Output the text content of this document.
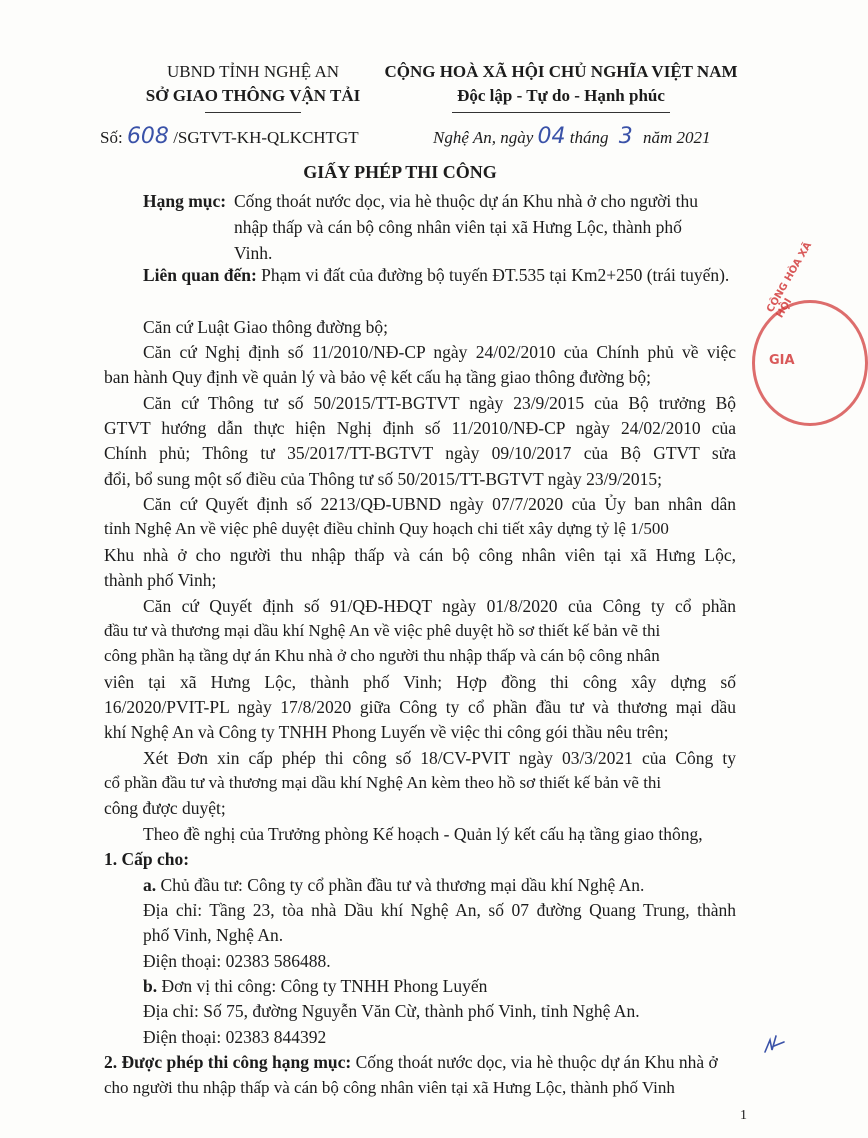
UBND TỈNH NGHỆ AN
SỞ GIAO THÔNG VẬN TẢI
CỘNG HOÀ XÃ HỘI CHỦ NGHĨA VIỆT NAM
Độc lập - Tự do - Hạnh phúc
Số: 608 /SGTVT-KH-QLKCHTGT	Nghệ An, ngày 04 tháng 3 năm 2021
GIẤY PHÉP THI CÔNG
Hạng mục: Cống thoát nước dọc, via hè thuộc dự án Khu nhà ở cho người thu
nhập thấp và cán bộ công nhân viên tại xã Hưng Lộc, thành phố
Vinh.
Liên quan đến: Phạm vi đất của đường bộ tuyến ĐT.535 tại Km2+250 (trái tuyến).
Căn cứ Luật Giao thông đường bộ;
Căn cứ Nghị định số 11/2010/NĐ-CP ngày 24/02/2010 của Chính phủ về việc
ban hành Quy định về quản lý và bảo vệ kết cấu hạ tầng giao thông đường bộ;
Căn cứ Thông tư số 50/2015/TT-BGTVT ngày 23/9/2015 của Bộ trưởng Bộ
GTVT hướng dẫn thực hiện Nghị định số 11/2010/NĐ-CP ngày 24/02/2010 của
Chính phủ; Thông tư 35/2017/TT-BGTVT ngày 09/10/2017 của Bộ GTVT sửa
đổi, bổ sung một số điều của Thông tư số 50/2015/TT-BGTVT ngày 23/9/2015;
Căn cứ Quyết định số 2213/QĐ-UBND ngày 07/7/2020 của Ủy ban nhân dân
tỉnh Nghệ An về việc phê duyệt điều chỉnh Quy hoạch chi tiết xây dựng tỷ lệ 1/500
Khu nhà ở cho người thu nhập thấp và cán bộ công nhân viên tại xã Hưng Lộc,
thành phố Vinh;
Căn cứ Quyết định số 91/QĐ-HĐQT ngày 01/8/2020 của Công ty cổ phần
đầu tư và thương mại dầu khí Nghệ An về việc phê duyệt hồ sơ thiết kế bản vẽ thi
công phần hạ tầng dự án Khu nhà ở cho người thu nhập thấp và cán bộ công nhân
viên tại xã Hưng Lộc, thành phố Vinh; Hợp đồng thi công xây dựng số
16/2020/PVIT-PL ngày 17/8/2020 giữa Công ty cổ phần đầu tư và thương mại dầu
khí Nghệ An và Công ty TNHH Phong Luyến về việc thi công gói thầu nêu trên;
Xét Đơn xin cấp phép thi công số 18/CV-PVIT ngày 03/3/2021 của Công ty
cổ phần đầu tư và thương mại dầu khí Nghệ An kèm theo hồ sơ thiết kế bản vẽ thi
công được duyệt;
Theo đề nghị của Trưởng phòng Kế hoạch - Quản lý kết cấu hạ tầng giao thông,
1. Cấp cho:
a. Chủ đầu tư: Công ty cổ phần đầu tư và thương mại dầu khí Nghệ An.
Địa chỉ: Tầng 23, tòa nhà Dầu khí Nghệ An, số 07 đường Quang Trung, thành
phố Vinh, Nghệ An.
Điện thoại: 02383 586488.
b. Đơn vị thi công: Công ty TNHH Phong Luyến
Địa chỉ: Số 75, đường Nguyễn Văn Cừ, thành phố Vinh, tỉnh Nghệ An.
Điện thoại: 02383 844392
2. Được phép thi công hạng mục: Cống thoát nước dọc, via hè thuộc dự án Khu nhà ở
cho người thu nhập thấp và cán bộ công nhân viên tại xã Hưng Lộc, thành phố Vinh
1
CỘNG HÒA XÃ HỘI
GIA
